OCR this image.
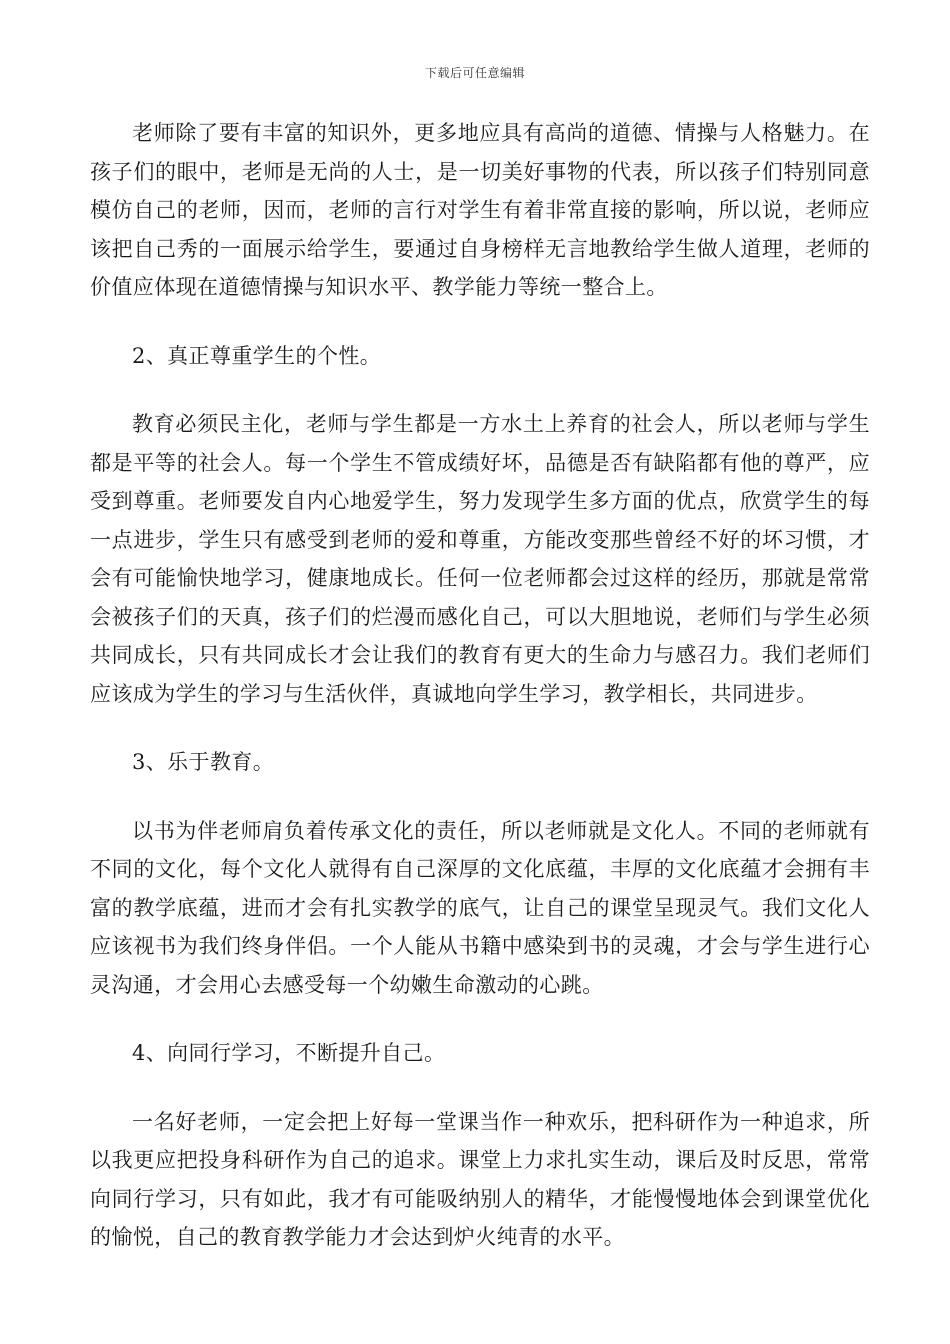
下载后可任意编辑

老师除了要有丰富的知识外，更多地应具有高尚的道德、情操与人格魅力。在孩子们的眼中，老师是无尚的人士，是一切美好事物的代表，所以孩子们特别同意模仿自己的老师，因而，老师的言行对学生有着非常直接的影响，所以说，老师应该把自己秀的一面展示给学生，要通过自身榜样无言地教给学生做人道理，老师的价值应体现在道德情操与知识水平、教学能力等统一整合上。

2、真正尊重学生的个性。

教育必须民主化，老师与学生都是一方水土上养育的社会人，所以老师与学生都是平等的社会人。每一个学生不管成绩好坏，品德是否有缺陷都有他的尊严，应受到尊重。老师要发自内心地爱学生，努力发现学生多方面的优点，欣赏学生的每一点进步，学生只有感受到老师的爱和尊重，方能改变那些曾经不好的坏习惯，才会有可能愉快地学习，健康地成长。任何一位老师都会过这样的经历，那就是常常会被孩子们的天真，孩子们的烂漫而感化自己，可以大胆地说，老师们与学生必须共同成长，只有共同成长才会让我们的教育有更大的生命力与感召力。我们老师们应该成为学生的学习与生活伙伴，真诚地向学生学习，教学相长，共同进步。

3、乐于教育。

以书为伴老师肩负着传承文化的责任，所以老师就是文化人。不同的老师就有不同的文化，每个文化人就得有自己深厚的文化底蕴，丰厚的文化底蕴才会拥有丰富的教学底蕴，进而才会有扎实教学的底气，让自己的课堂呈现灵气。我们文化人应该视书为我们终身伴侣。一个人能从书籍中感染到书的灵魂，才会与学生进行心灵沟通，才会用心去感受每一个幼嫩生命激动的心跳。

4、向同行学习，不断提升自己。

一名好老师，一定会把上好每一堂课当作一种欢乐，把科研作为一种追求，所以我更应把投身科研作为自己的追求。课堂上力求扎实生动，课后及时反思，常常向同行学习，只有如此，我才有可能吸纳别人的精华，才能慢慢地体会到课堂优化的愉悦，自己的教育教学能力才会达到炉火纯青的水平。
